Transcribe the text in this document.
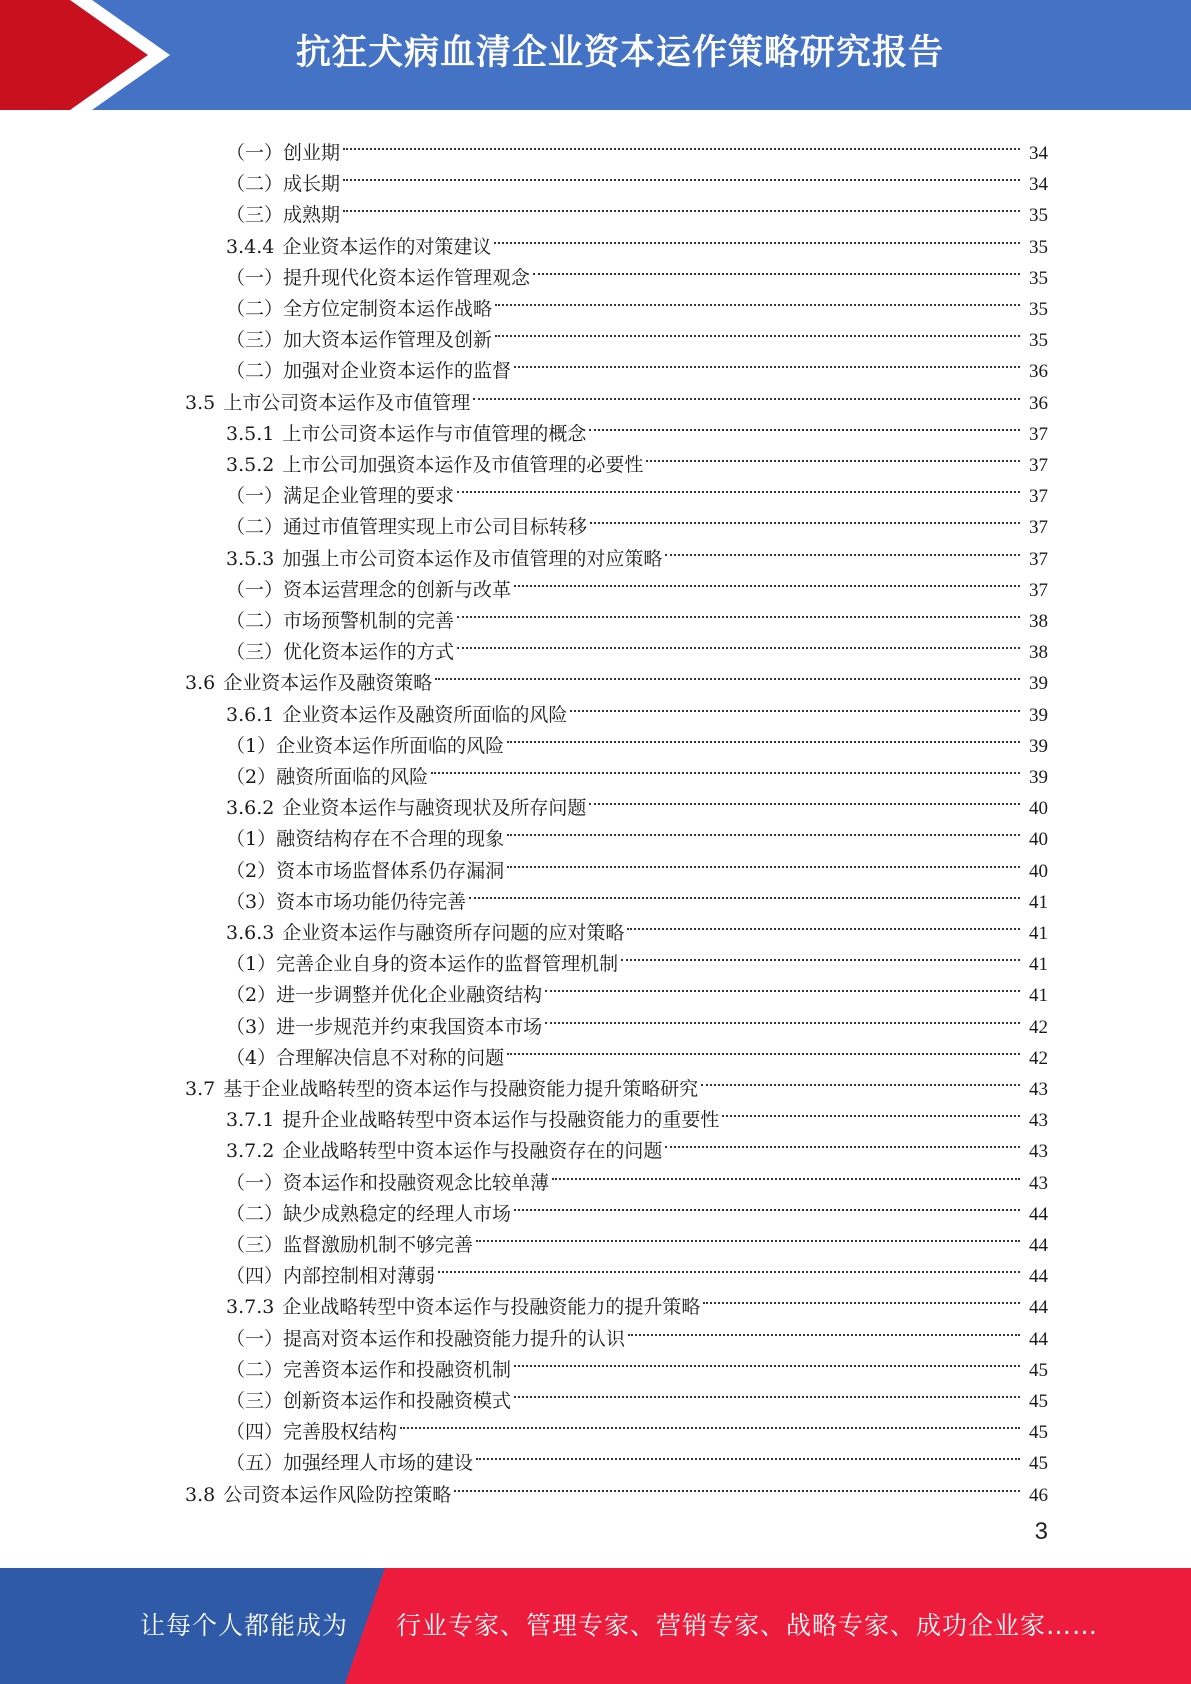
抗狂犬病血清企业资本运作策略研究报告
（一） 创业期	34
（二） 成长期	34
（三） 成熟期	35
3.4.4 企业资本运作的对策建议	35
（一） 提升现代化资本运作管理观念	35
（二） 全方位定制资本运作战略	35
（三） 加大资本运作管理及创新	35
（二） 加强对企业资本运作的监督	36
3.5 上市公司资本运作及市值管理	36
3.5.1 上市公司资本运作与市值管理的概念	37
3.5.2 上市公司加强资本运作及市值管理的必要性	37
（一） 满足企业管理的要求	37
（二） 通过市值管理实现上市公司目标转移	37
3.5.3 加强上市公司资本运作及市值管理的对应策略	37
（一） 资本运营理念的创新与改革	37
（二） 市场预警机制的完善	38
（三） 优化资本运作的方式	38
3.6 企业资本运作及融资策略	39
3.6.1 企业资本运作及融资所面临的风险	39
（1） 企业资本运作所面临的风险	39
（2） 融资所面临的风险	39
3.6.2 企业资本运作与融资现状及所存问题	40
（1） 融资结构存在不合理的现象	40
（2） 资本市场监督体系仍存漏洞	40
（3） 资本市场功能仍待完善	41
3.6.3 企业资本运作与融资所存问题的应对策略	41
（1） 完善企业自身的资本运作的监督管理机制	41
（2） 进一步调整并优化企业融资结构	41
（3） 进一步规范并约束我国资本市场	42
（4） 合理解决信息不对称的问题	42
3.7 基于企业战略转型的资本运作与投融资能力提升策略研究	43
3.7.1 提升企业战略转型中资本运作与投融资能力的重要性	43
3.7.2 企业战略转型中资本运作与投融资存在的问题	43
（一） 资本运作和投融资观念比较单薄	43
（二） 缺少成熟稳定的经理人市场	44
（三） 监督激励机制不够完善	44
（四） 内部控制相对薄弱	44
3.7.3 企业战略转型中资本运作与投融资能力的提升策略	44
（一） 提高对资本运作和投融资能力提升的认识	44
（二） 完善资本运作和投融资机制	45
（三） 创新资本运作和投融资模式	45
（四） 完善股权结构	45
（五） 加强经理人市场的建设	45
3.8 公司资本运作风险防控策略	46
3
让每个人都能成为 行业专家、管理专家、营销专家、战略专家、成功企业家……
